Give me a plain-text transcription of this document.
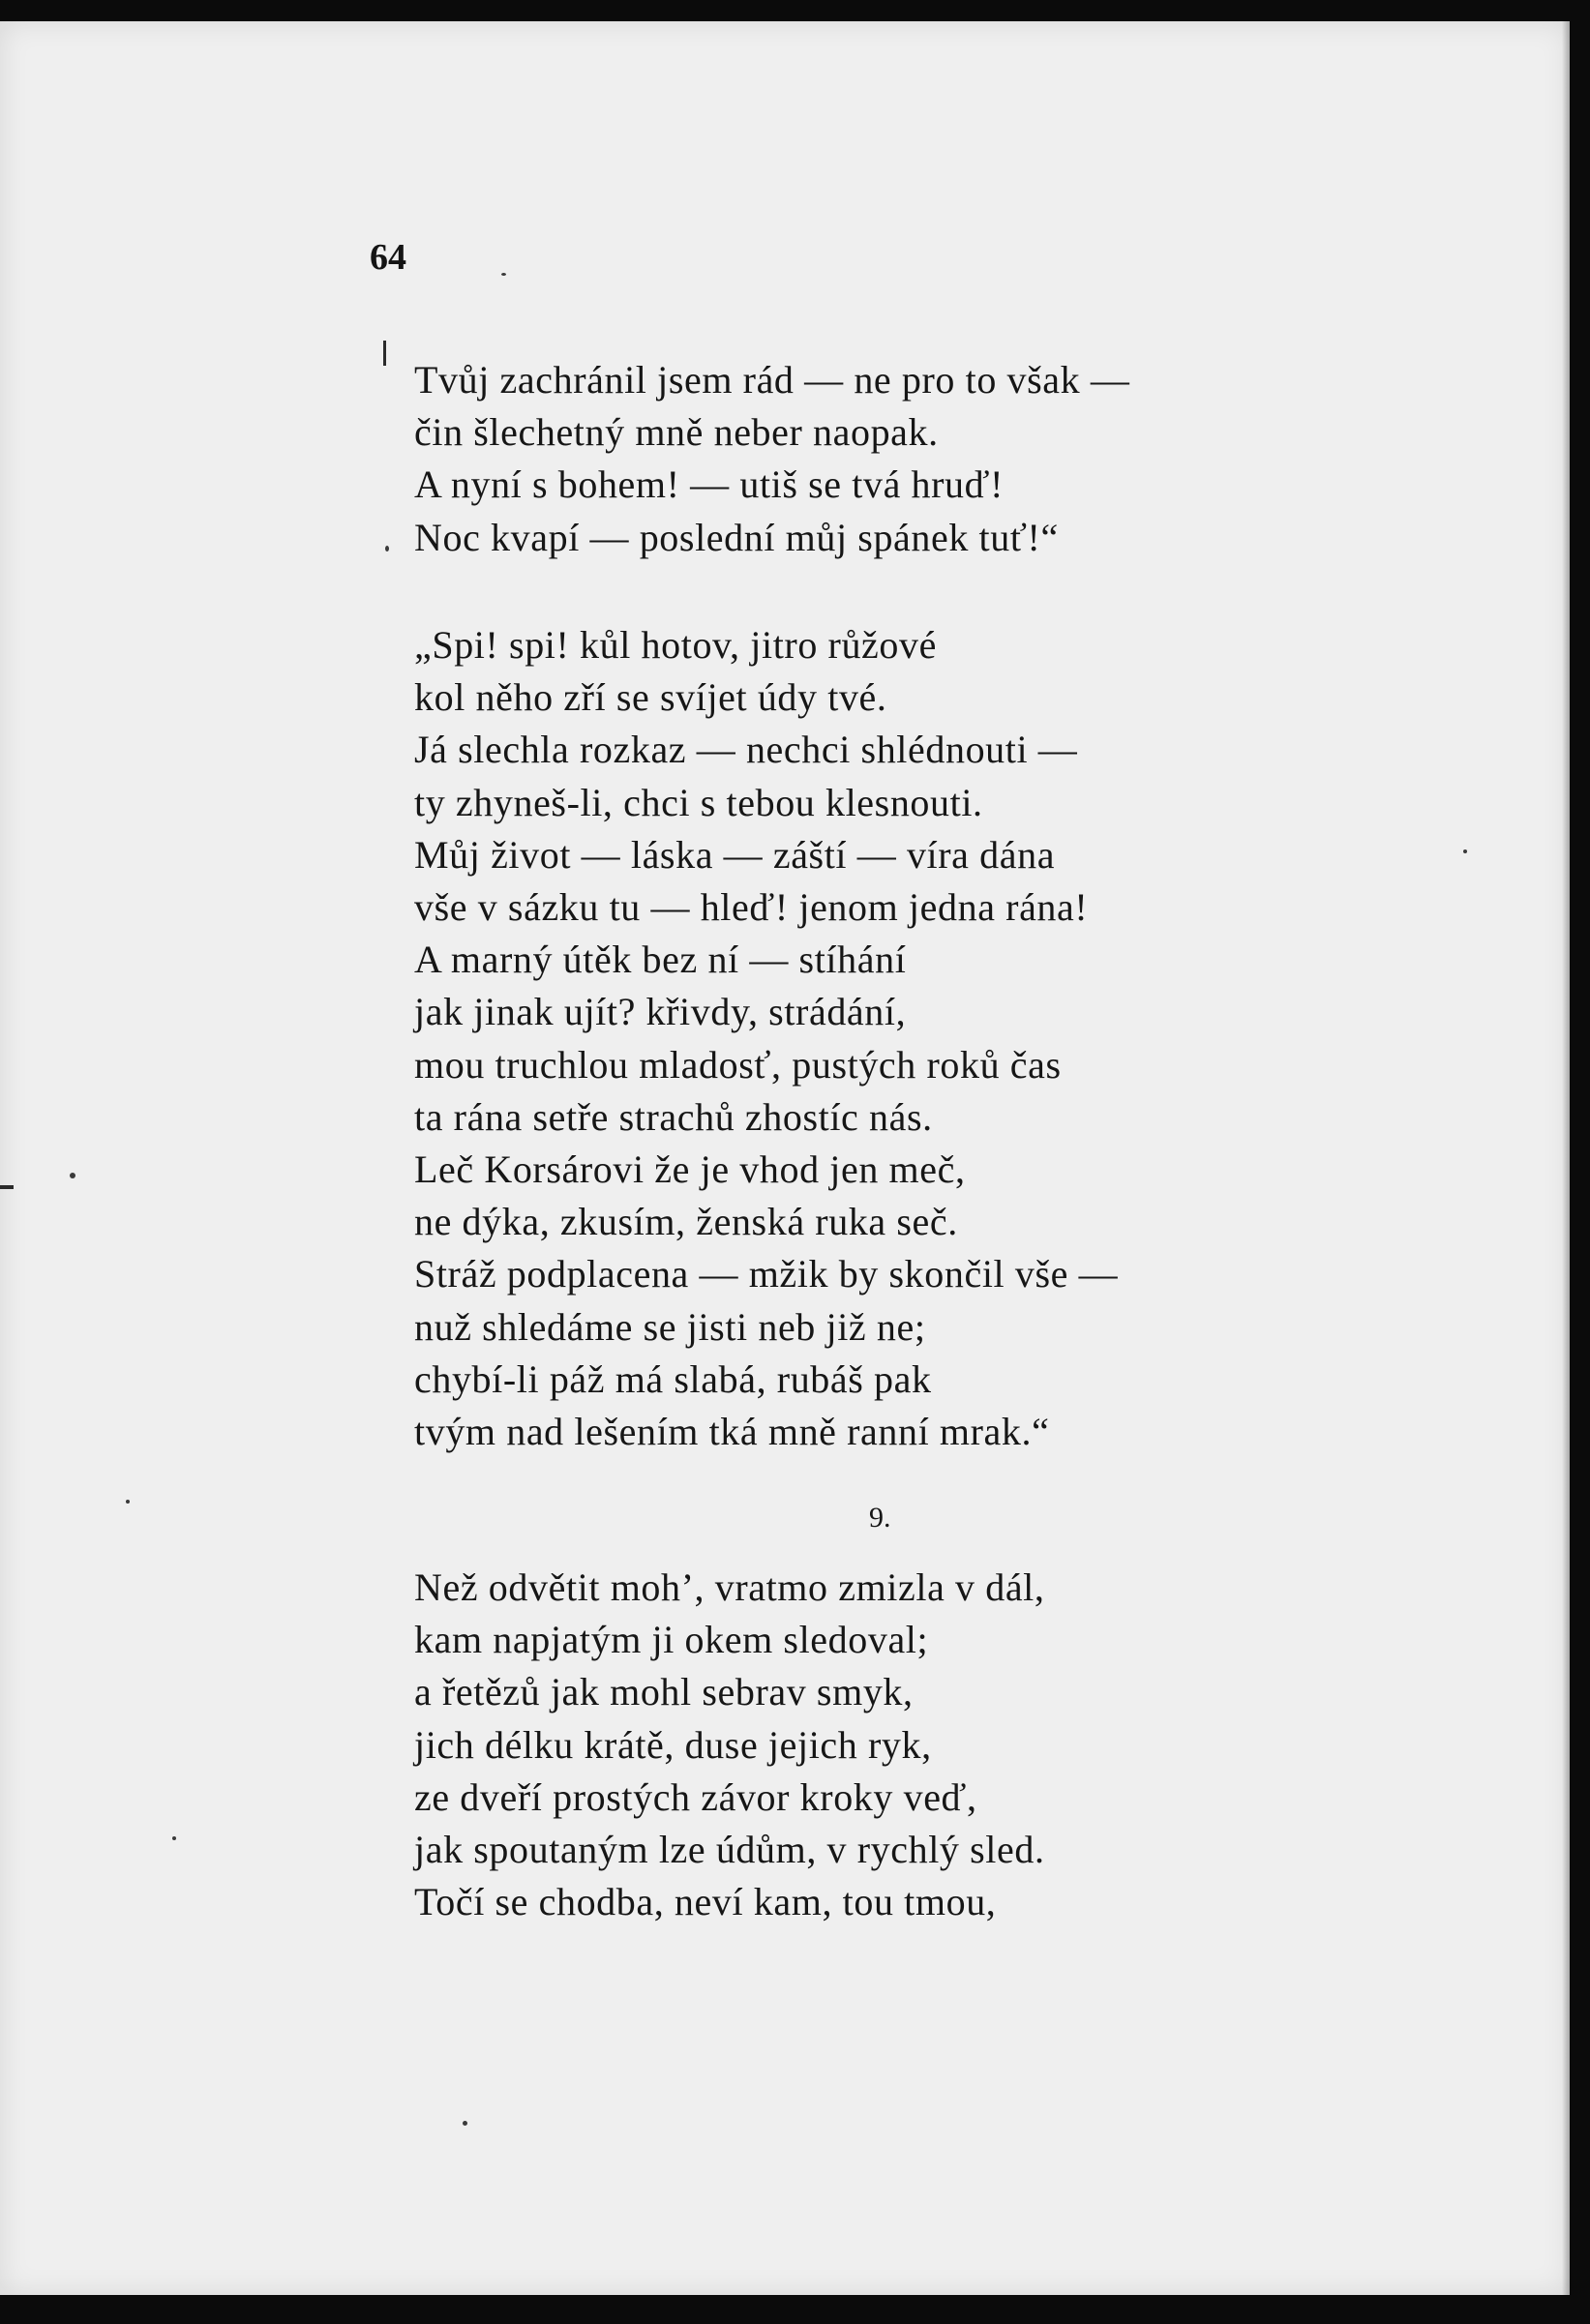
64

Tvůj zachránil jsem rád — ne pro to však —
čin šlechetný mně neber naopak.
A nyní s bohem! — utiš se tvá hruď!
Noc kvapí — poslední můj spánek tuť!“
„Spi! spi! kůl hotov, jitro růžové
kol něho zří se svíjet údy tvé.
Já slechla rozkaz — nechci shlédnouti —
ty zhyneš-li, chci s tebou klesnouti.
Můj život — láska — záští — víra dána
vše v sázku tu — hleď! jenom jedna rána!
A marný útěk bez ní — stíhání
jak jinak ujít? křivdy, strádání,
mou truchlou mladosť, pustých roků čas
ta rána setře strachů zhostíc nás.
Leč Korsárovi že je vhod jen meč,
ne dýka, zkusím, ženská ruka seč.
Stráž podplacena — mžik by skončil vše —
nuž shledáme se jisti neb již ne;
chybí-li páž má slabá, rubáš pak
tvým nad lešením tká mně ranní mrak.“

9.

Než odvětit moh’, vratmo zmizla v dál,
kam napjatým ji okem sledoval;
a řetězů jak mohl sebrav smyk,
jich délku krátě, duse jejich ryk,
ze dveří prostých závor kroky veď,
jak spoutaným lze údům, v rychlý sled.
Točí se chodba, neví kam, tou tmou,
